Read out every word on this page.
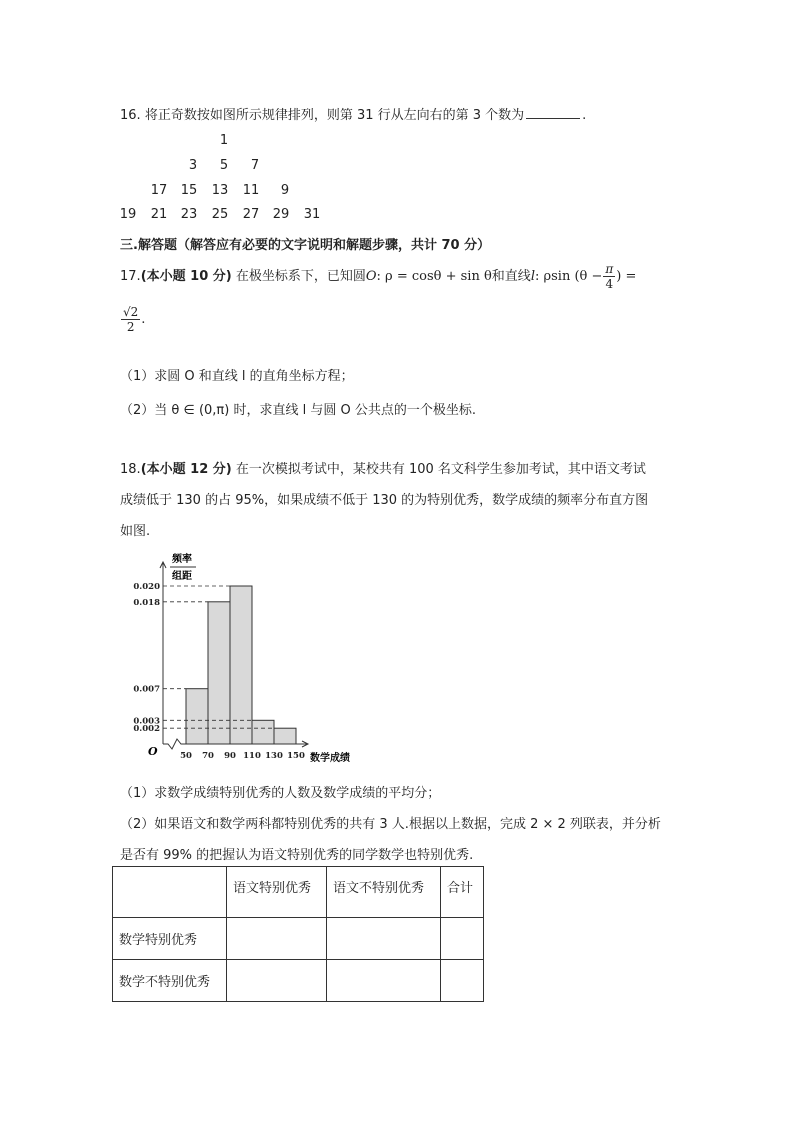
16. 将正奇数按如图所示规律排列，则第 31 行从左向右的第 3 个数为	.
1
3	5	7
17	15	13	11	9
19	21	23	25	27	29	31
三.解答题（解答应有必要的文字说明和解题步骤，共计 70 分）
17.(本小题 10 分) 在极坐标系下，已知圆O: ρ = cosθ + sin θ和直线l: ρsin ($\theta - \frac{\pi}{4}$ ) =
$\frac{√2}{2}$ .
（1）求圆 O 和直线 l 的直角坐标方程；
（2）当 θ ∈ (0,π) 时，求直线 l 与圆 O 公共点的一个极坐标.
18.(本小题 12 分) 在一次模拟考试中，某校共有 100 名文科学生参加考试，其中语文考试
成绩低于 130 的占 95%，如果成绩不低于 130 的为特别优秀，数学成绩的频率分布直方图
如图.
频率
组距
O
数学成绩
0.020
0.018
0.007
0.003
0.002
50 70 90 110 130 150
（1）求数学成绩特别优秀的人数及数学成绩的平均分；
（2）如果语文和数学两科都特别优秀的共有 3 人.根据以上数据，完成 2 × 2 列联表，并分析
是否有 99% 的把握认为语文特别优秀的同学数学也特别优秀.
	语文特别优秀	语文不特别优秀	合计
数学特别优秀			
数学不特别优秀			
